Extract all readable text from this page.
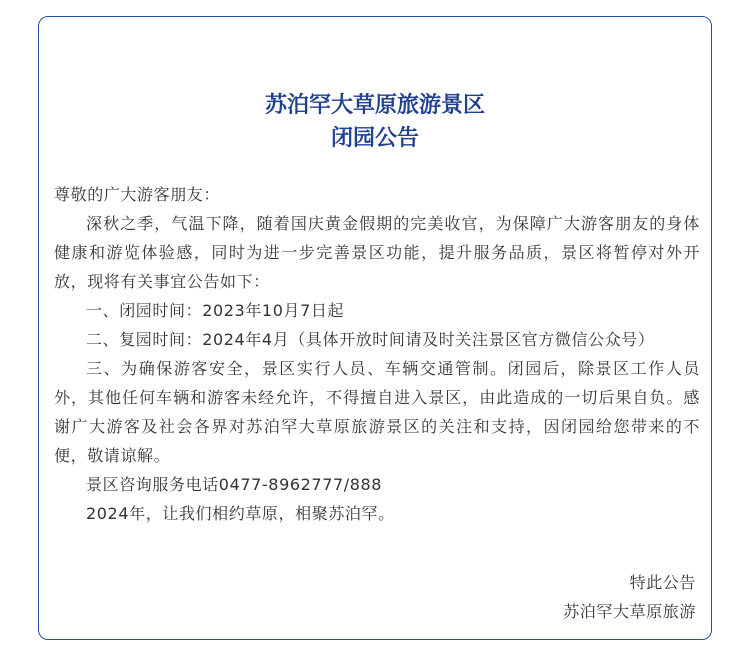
苏泊罕大草原旅游景区
闭园公告

尊敬的广大游客朋友：

深秋之季，气温下降，随着国庆黄金假期的完美收官，为保障广大游客朋友的身体健康和游览体验感，同时为进一步完善景区功能，提升服务品质，景区将暂停对外开放，现将有关事宜公告如下：

一、闭园时间：2023年10月7日起

二、复园时间：2024年4月（具体开放时间请及时关注景区官方微信公众号）

三、为确保游客安全，景区实行人员、车辆交通管制。闭园后，除景区工作人员外，其他任何车辆和游客未经允许，不得擅自进入景区，由此造成的一切后果自负。感谢广大游客及社会各界对苏泊罕大草原旅游景区的关注和支持，因闭园给您带来的不便，敬请谅解。

景区咨询服务电话0477-8962777/888

2024年，让我们相约草原，相聚苏泊罕。

特此公告
苏泊罕大草原旅游
